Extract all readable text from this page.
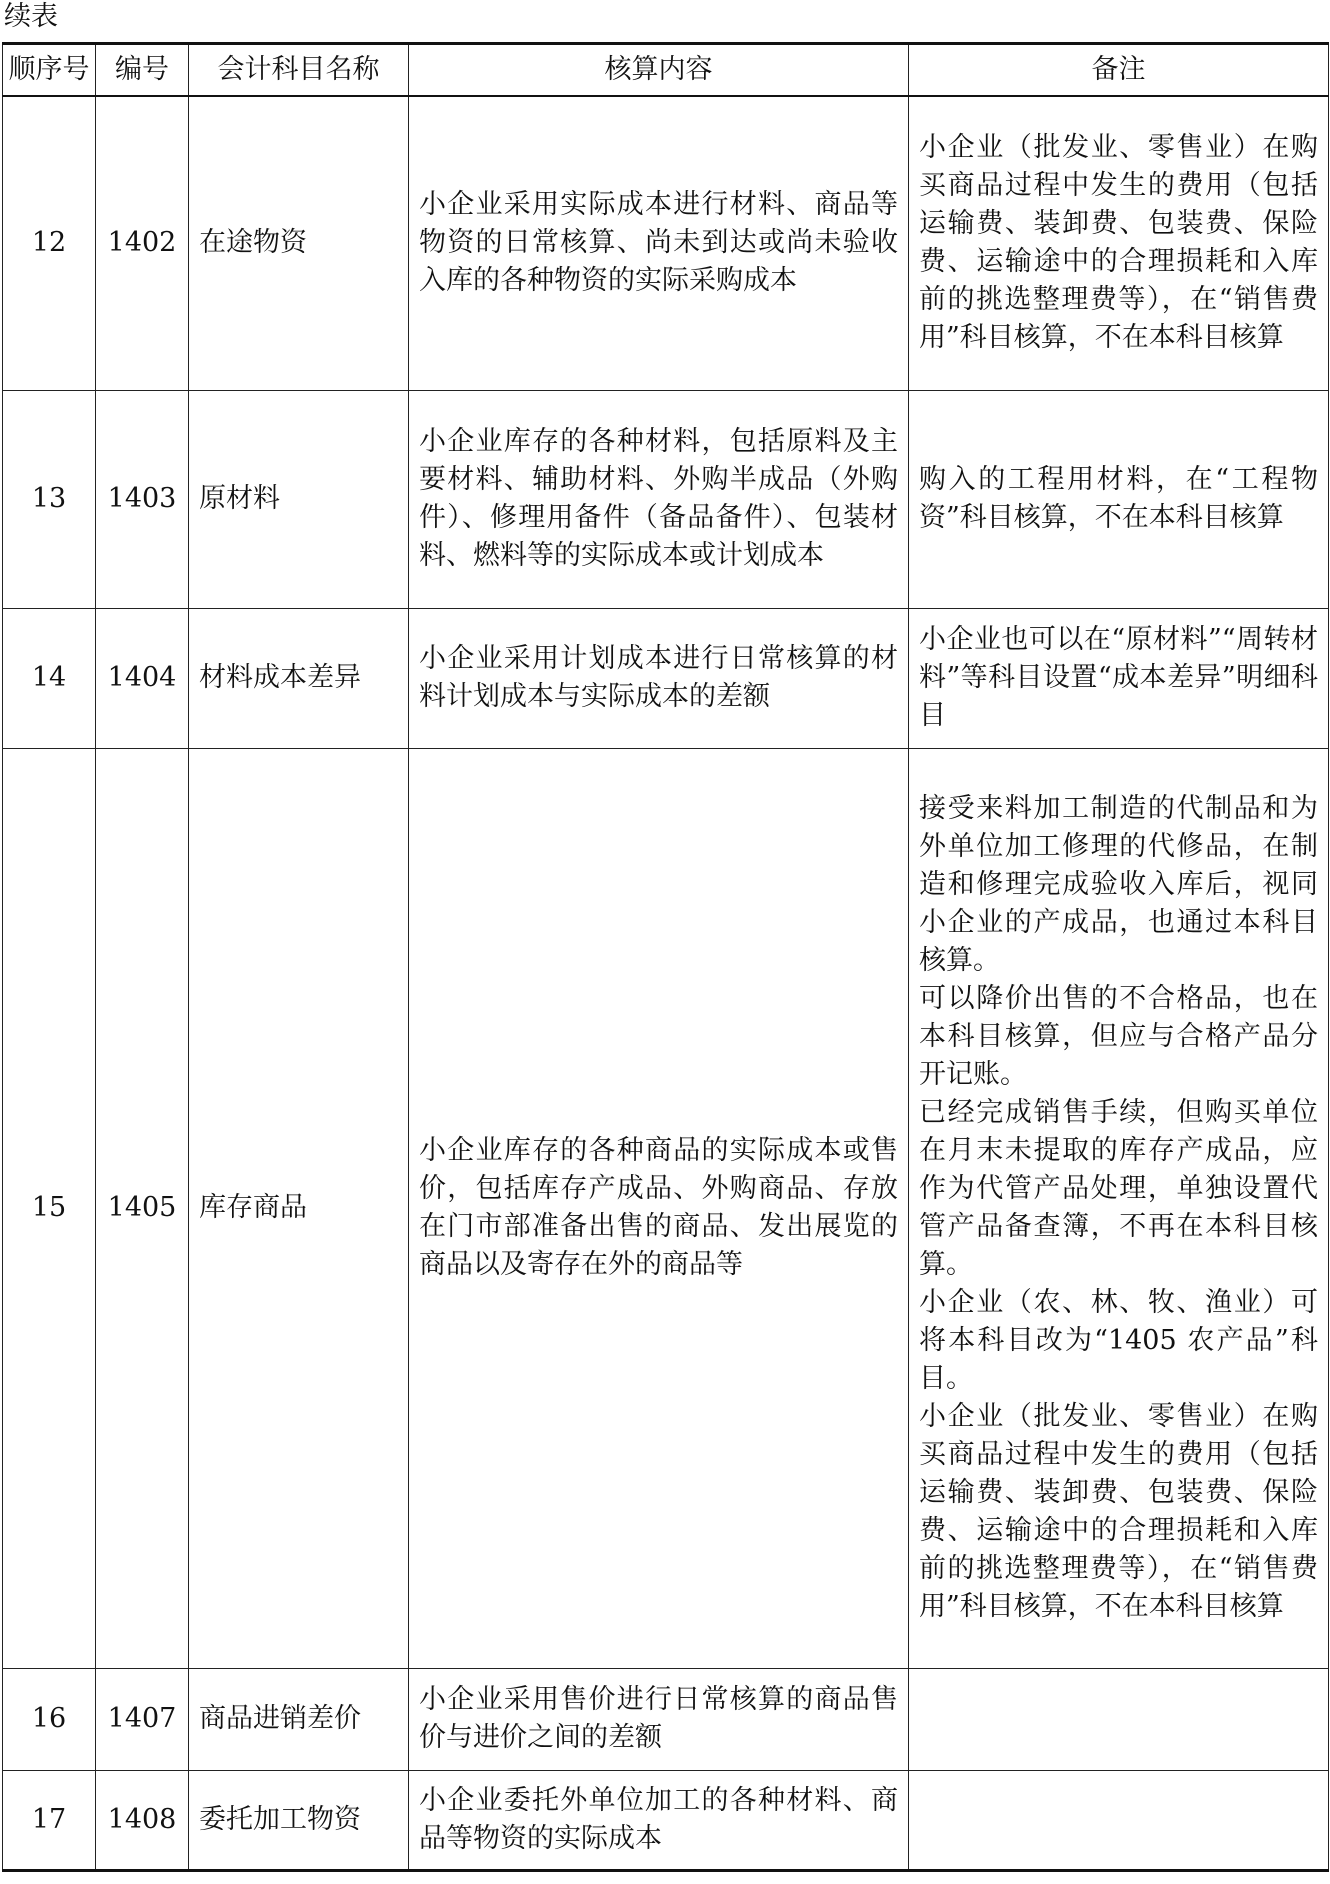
续表
顺序号	编号	会计科目名称	核算内容	备注
12	1402	在途物资	小企业采用实际成本进行材料、商品等物资的日常核算、尚未到达或尚未验收入库的各种物资的实际采购成本	小企业（批发业、零售业）在购买商品过程中发生的费用（包括运输费、装卸费、包装费、保险费、运输途中的合理损耗和入库前的挑选整理费等），在“销售费用”科目核算，不在本科目核算

13	1403	原材料	小企业库存的各种材料，包括原料及主要材料、辅助材料、外购半成品（外购件）、修理用备件（备品备件）、包装材料、燃料等的实际成本或计划成本	购入的工程用材料，在“工程物资”科目核算，不在本科目核算

14	1404	材料成本差异	小企业采用计划成本进行日常核算的材料计划成本与实际成本的差额	小企业也可以在“原材料”“周转材料”等科目设置“成本差异”明细科目

15	1405	库存商品	小企业库存的各种商品的实际成本或售价，包括库存产成品、外购商品、存放在门市部准备出售的商品、发出展览的商品以及寄存在外的商品等	接受来料加工制造的代制品和为外单位加工修理的代修品，在制造和修理完成验收入库后，视同小企业的产成品，也通过本科目核算。
可以降价出售的不合格品，也在本科目核算，但应与合格产品分开记账。
已经完成销售手续，但购买单位在月末未提取的库存产成品，应作为代管产品处理，单独设置代管产品备查簿，不再在本科目核算。
小企业（农、林、牧、渔业）可将本科目改为“1405 农产品”科目。
小企业（批发业、零售业）在购买商品过程中发生的费用（包括运输费、装卸费、包装费、保险费、运输途中的合理损耗和入库前的挑选整理费等），在“销售费用”科目核算，不在本科目核算

16	1407	商品进销差价	小企业采用售价进行日常核算的商品售价与进价之间的差额	

17	1408	委托加工物资	小企业委托外单位加工的各种材料、商品等物资的实际成本	
